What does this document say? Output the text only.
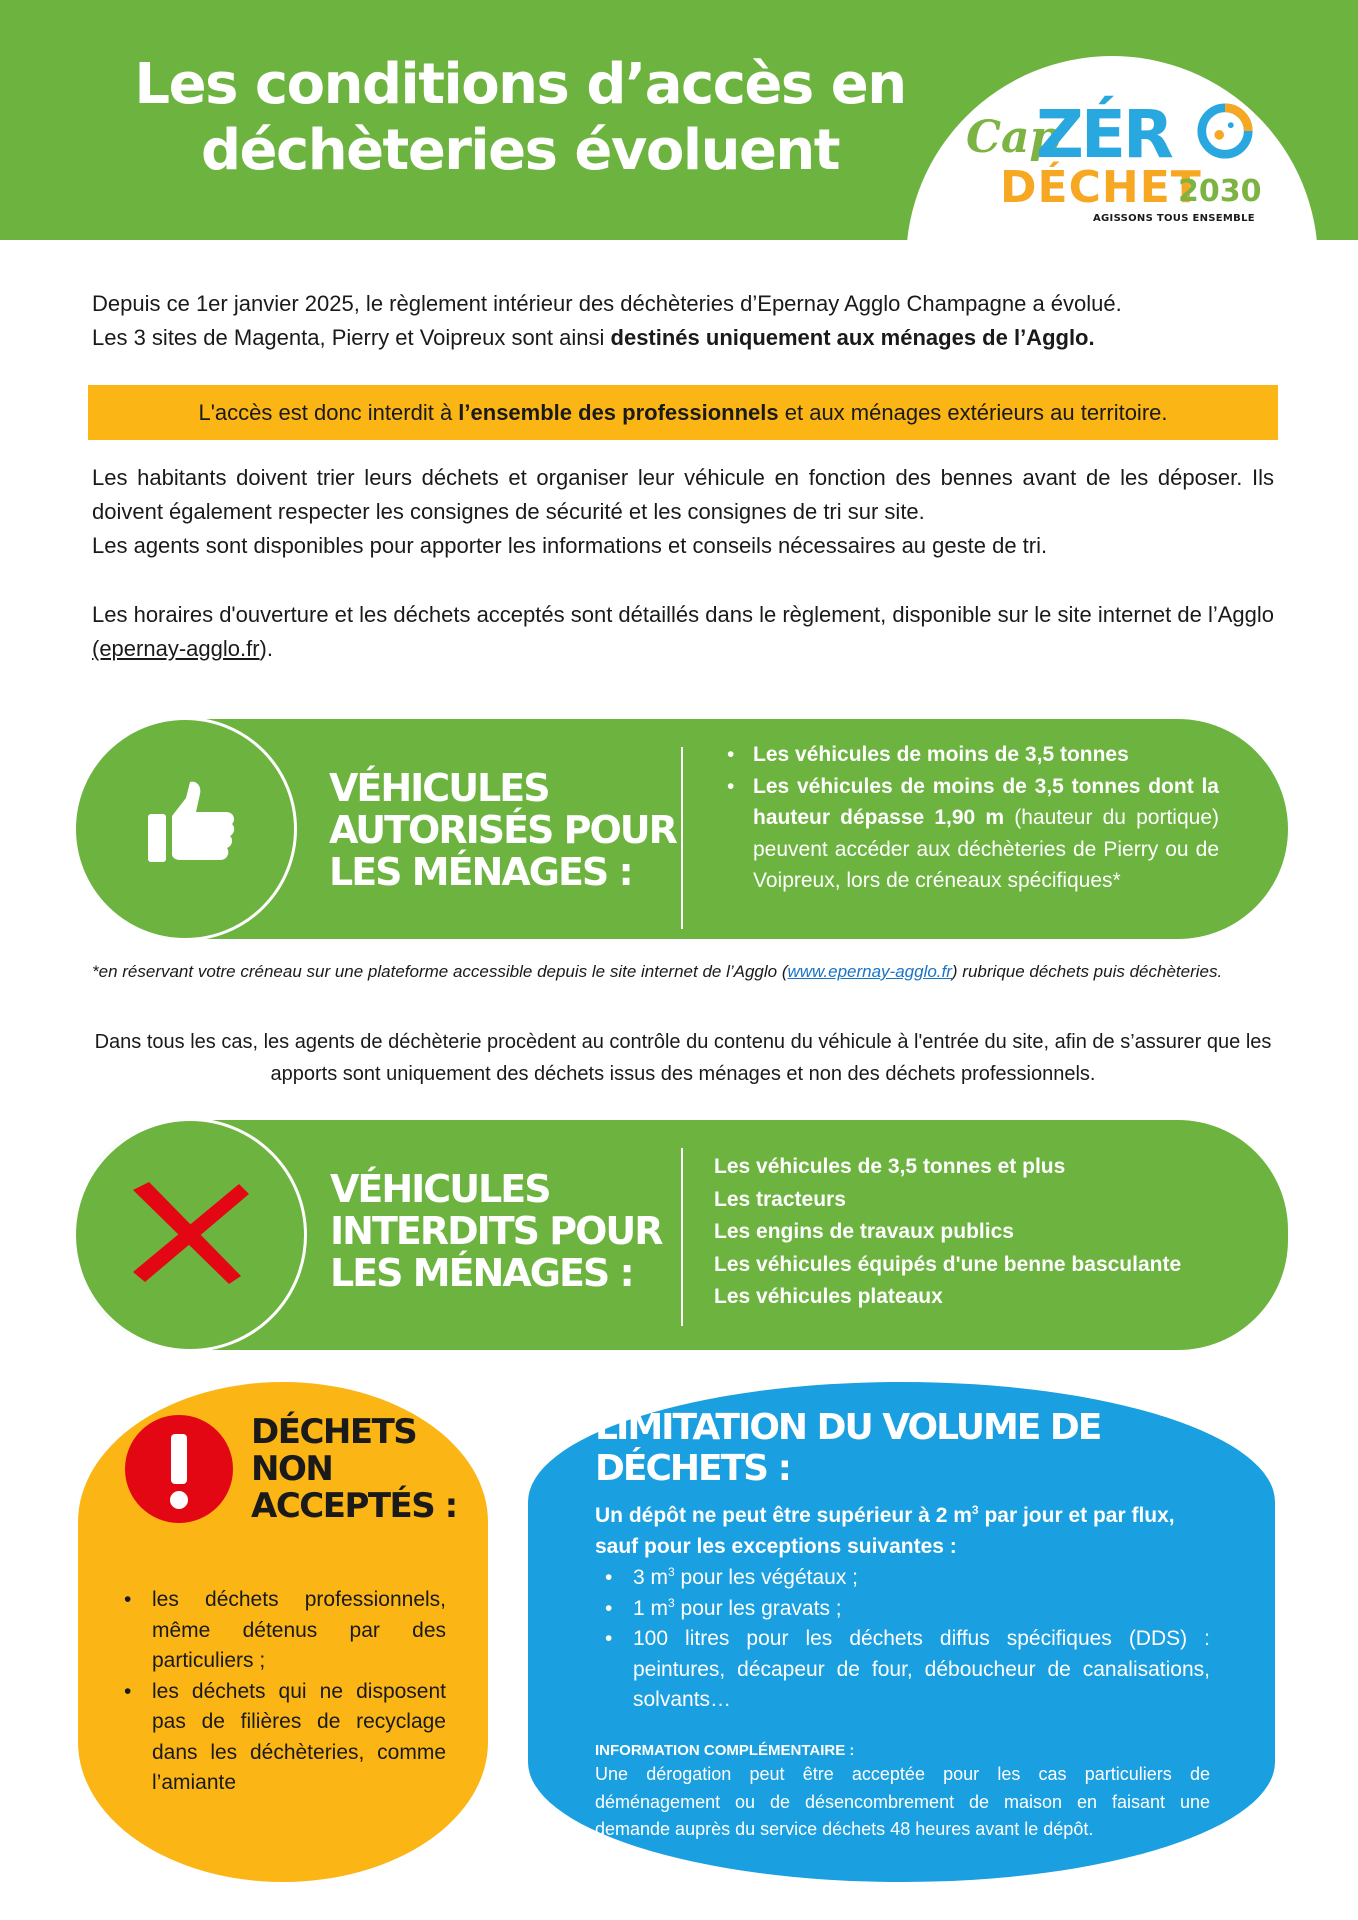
Les conditions d’accès en
déchèteries évoluent	Cap
ZÉR
DÉCHET
2030
AGISSONS TOUS ENSEMBLE
Depuis ce 1er janvier 2025, le règlement intérieur des déchèteries d’Epernay Agglo Champagne a évolué.
Les 3 sites de Magenta, Pierry et Voipreux sont ainsi destinés uniquement aux ménages de l’Agglo.
L'accès est donc interdit à l’ensemble des professionnels et aux ménages extérieurs au territoire.
Les habitants doivent trier leurs déchets et organiser leur véhicule en fonction des bennes avant de les déposer. Ils doivent également respecter les consignes de sécurité et les consignes de tri sur site.
Les agents sont disponibles pour apporter les informations et conseils nécessaires au geste de tri.
Les horaires d'ouverture et les déchets acceptés sont détaillés dans le règlement, disponible sur le site internet de l’Agglo (epernay-agglo.fr).
VÉHICULES
AUTORISÉS POUR
LES MÉNAGES :
• Les véhicules de moins de 3,5 tonnes
• Les véhicules de moins de 3,5 tonnes dont la hauteur dépasse 1,90 m (hauteur du portique) peuvent accéder aux déchèteries de Pierry ou de Voipreux, lors de créneaux spécifiques*
*en réservant votre créneau sur une plateforme accessible depuis le site internet de l’Agglo (www.epernay-agglo.fr) rubrique déchets puis déchèteries.
Dans tous les cas, les agents de déchèterie procèdent au contrôle du contenu du véhicule à l'entrée du site, afin de s’assurer que les apports sont uniquement des déchets issus des ménages et non des déchets professionnels.
VÉHICULES
INTERDITS POUR
LES MÉNAGES :
Les véhicules de 3,5 tonnes et plus
Les tracteurs
Les engins de travaux publics
Les véhicules équipés d'une benne basculante
Les véhicules plateaux
DÉCHETS
NON
ACCEPTÉS :
• les déchets professionnels, même détenus par des particuliers ;
• les déchets qui ne disposent pas de filières de recyclage dans les déchèteries, comme l’amiante
LIMITATION DU VOLUME DE
DÉCHETS :
Un dépôt ne peut être supérieur à 2 $m^3$ par jour et par flux, sauf pour les exceptions suivantes :
• 3 $m^3$ pour les végétaux ;
• 1 $m^3$ pour les gravats ;
• 100 litres pour les déchets diffus spécifiques (DDS) : peintures, décapeur de four, déboucheur de canalisations, solvants…
INFORMATION COMPLÉMENTAIRE :
Une dérogation peut être acceptée pour les cas particuliers de déménagement ou de désencombrement de maison en faisant une demande auprès du service déchets 48 heures avant le dépôt.
